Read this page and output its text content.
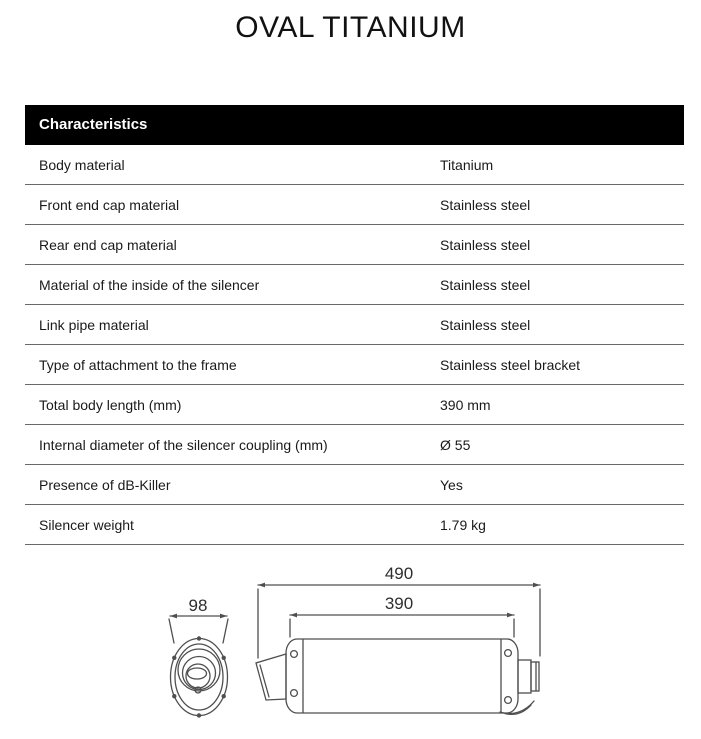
OVAL TITANIUM
Characteristics
Body material	Titanium
Front end cap material	Stainless steel
Rear end cap material	Stainless steel
Material of the inside of the silencer	Stainless steel
Link pipe material	Stainless steel
Type of attachment to the frame	Stainless steel bracket
Total body length (mm)	390 mm
Internal diameter of the silencer coupling (mm)	Ø 55
Presence of dB-Killer	Yes
Silencer weight	1.79 kg
98
490
390
